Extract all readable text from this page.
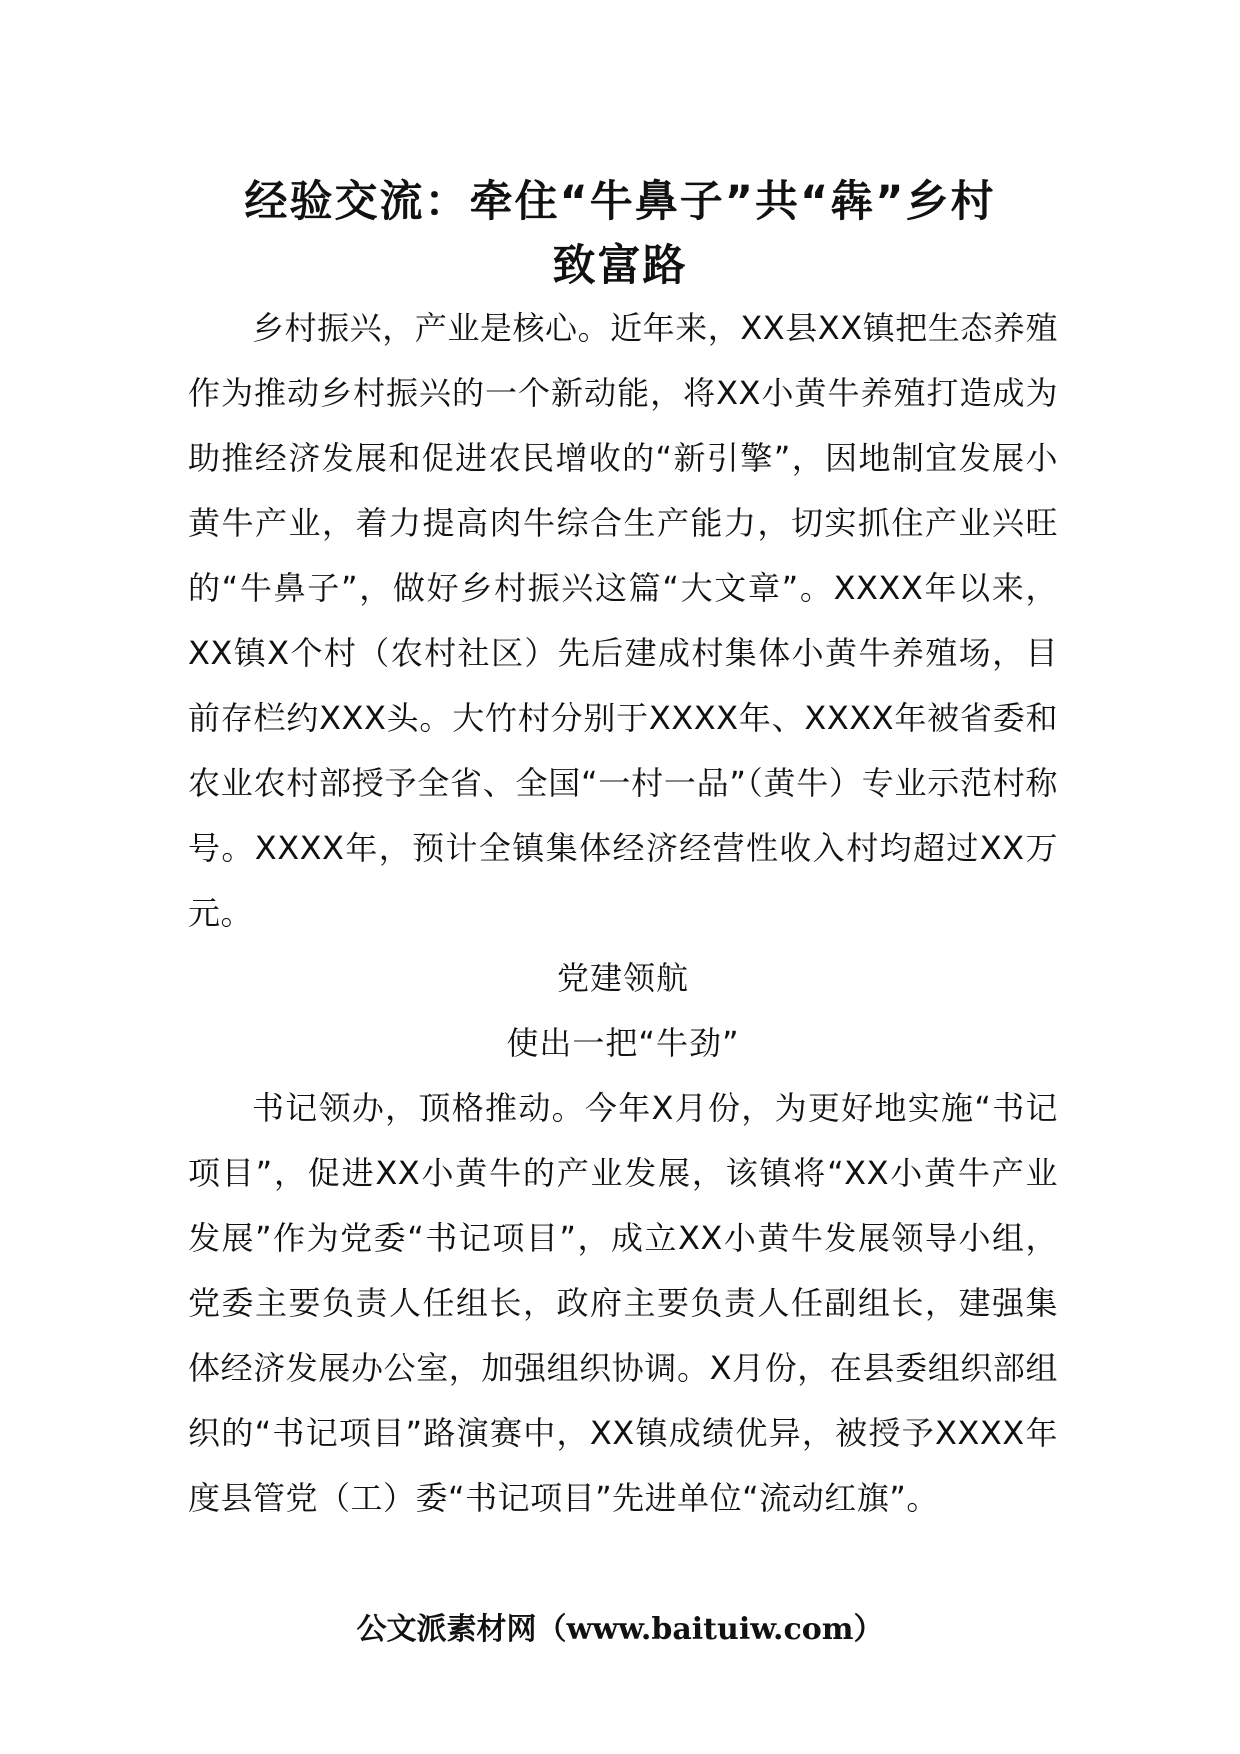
经验交流：牵住“牛鼻子”共“犇”乡村
致富路

乡村振兴，产业是核心。近年来，XX县XX镇把生态养殖作为推动乡村振兴的一个新动能，将XX小黄牛养殖打造成为助推经济发展和促进农民增收的“新引擎”，因地制宜发展小黄牛产业，着力提高肉牛综合生产能力，切实抓住产业兴旺的“牛鼻子”，做好乡村振兴这篇“大文章”。XXXX年以来，XX镇X个村（农村社区）先后建成村集体小黄牛养殖场，目前存栏约XXX头。大竹村分别于XXXX年、XXXX年被省委和农业农村部授予全省、全国“一村一品”（黄牛）专业示范村称号。XXXX年，预计全镇集体经济经营性收入村均超过XX万元。

党建领航

使出一把“牛劲”

书记领办，顶格推动。今年X月份，为更好地实施“书记项目”，促进XX小黄牛的产业发展，该镇将“XX小黄牛产业发展”作为党委“书记项目”，成立XX小黄牛发展领导小组，党委主要负责人任组长，政府主要负责人任副组长，建强集体经济发展办公室，加强组织协调。X月份，在县委组织部组织的“书记项目”路演赛中，XX镇成绩优异，被授予XXXX年度县管党（工）委“书记项目”先进单位“流动红旗”。

公文派素材网（www.baituiw.com）
